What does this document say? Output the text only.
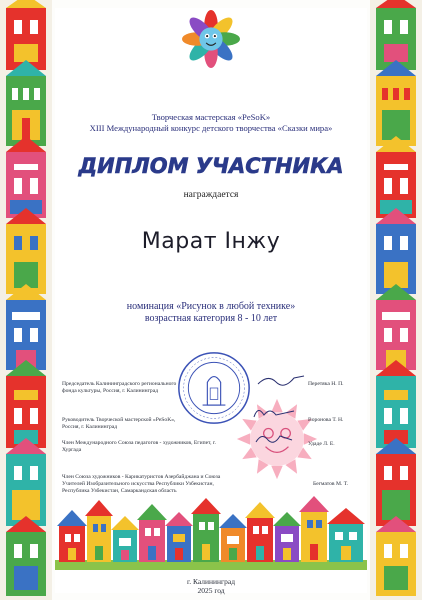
Творческая мастерская «PeSoK»
XIII Международный конкурс детского творчества «Сказки мира»
ДИПЛОМ УЧАСТНИКА
награждается
Марат Інжу
номинация «Рисунок в любой технике»
возрастная категория 8 - 10 лет
Председатель Калининградского регионального фонда культуры, Россия, г. Калининград
Перетяка Н. П.
Руководитель Творческой мастерской «PeSoK», Россия, г. Калининград
Воронова Т. Н.
Член Международного Союза педагогов - художников, Египет, г. Хургада
Удаде Л. Е.
Член Союза художников - Карикатуристов Азербайджана и Союза Учителей Изобразительного искусства Республики Узбекистан, Республика Узбекистан, Самаркандская область
Бегматов М. Т.
г. Калининград
2025 год
